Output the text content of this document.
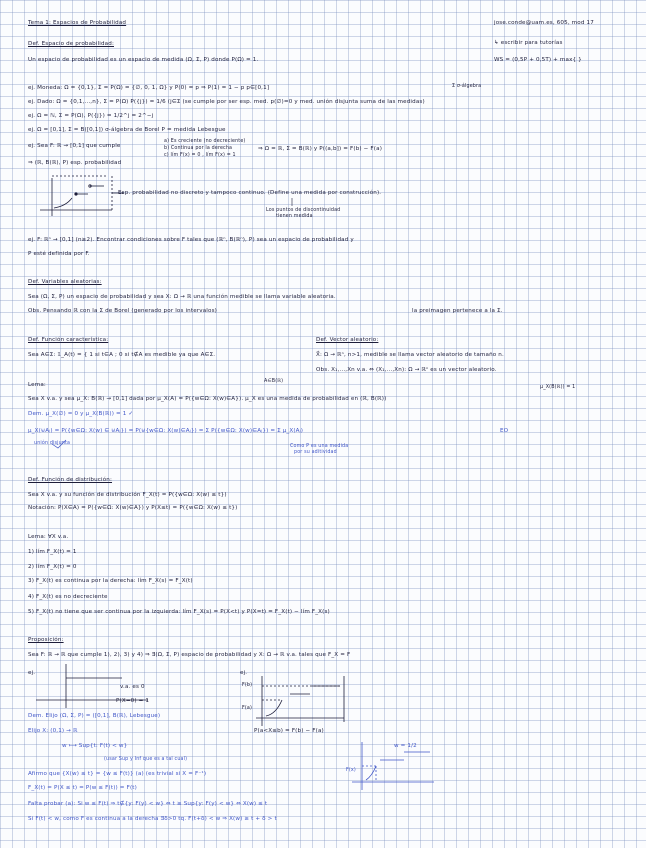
Tema 1: Espacios de Probabilidad	jose.conde@uam.es, 605, mod 17
↳ escribir para tutorías
WS = (0,5P + 0,5T) + max{ }
Def. Espacio de probabilidad:
Un espacio de probabilidad es un espacio de medida (Ω, Σ, P) donde P(Ω) = 1.
ej. Moneda: Ω = {0,1}, Σ = P(Ω) = {∅, 0, 1, Ω} y P(0) = p ⇒ P(1) = 1 − p p∈[0,1]	Σ σ-álgebra
ej. Dado: Ω = {0,1,...,n}, Σ = P(Ω) P({j}) = 1/6 (j∈Σ (se cumple por ser esp. med. p(∅)=0 y med. unión disjunta suma de las medidas)
ej. Ω = ℕ, Σ = P(Ω), P({j}) = 1/2^j = 2^−j
ej. Ω = [0,1], Σ = B([0,1]) σ-álgebra de Borel P = medida Lebesgue
ej. Sea F: ℝ → [0,1] que cumple
a) Es creciente (no decreciente)
b) Continua por la derecha
c) lím F(x) = 0 , lím F(x) = 1
⇒ Ω = ℝ, Σ = B(ℝ) y P((a,b]) = F(b) − F(a)
⇒ (ℝ, B(ℝ), P) esp. probabilidad
Esp. probabilidad no discreto y tampoco continuo. (Define una medida por construcción).
Los puntos de discontinuidad
tienen medida
ej. F: ℝⁿ → [0,1] (n≥2). Encontrar condiciones sobre F tales que (ℝⁿ, B(ℝⁿ), P) sea un espacio de probabilidad y
P esté definida por F.
Def. Variables aleatorias:
Sea (Ω, Σ, P) un espacio de probabilidad y sea X: Ω → ℝ una función medible se llama variable aleatoria.
Obs. Pensando ℝ con la Σ de Borel (generado por los intervalos)	la preimagen pertenece a la Σ.
Def. Función característica:
Sea A∈Σ: 𝟙_A(t) = { 1 si t∈A ; 0 si t∉A es medible ya que A∈Σ.
Def. Vector aleatorio:
X⃗: Ω → ℝⁿ, n>1, medible se llama vector aleatorio de tamaño n.
Obs. X₁,...,Xn v.a. ⇔ (X₁,...,Xn): Ω → ℝⁿ es un vector aleatorio.
Lema:
A∈B(ℝ)
μ_X(B(ℝ)) = 1
Sea X v.a. y sea μ_X: B(ℝ) → [0,1] dada por μ_X(A) = P({w∈Ω: X(w)∈A}). μ_X es una medida de probabilidad en (ℝ, B(ℝ))
Dem. μ_X(∅) = 0 y μ_X(B(ℝ)) = 1 ✓
μ_X(⊎Aⱼ) = P({w∈Ω: X(w) ∈ ⊎Aⱼ}) = P(⊎{w∈Ω: X(w)∈Aⱼ}) = Σ P({w∈Ω: X(w)∈Aⱼ}) = Σ μ_X(Aⱼ)	EO
unión disjunta
Como P es una medida
por su aditividad
Def. Función de distribución:
Sea X v.a. y su función de distribución F_X(t) = P({w∈Ω: X(w) ≤ t})
Notación: P(X∈A) = P({w∈Ω: X(w)∈A}) y P(X≤t) = P({w∈Ω: X(w) ≤ t})
Lema: ∀X v.a.
1) lím F_X(t) = 1
2) lím F_X(t) = 0
3) F_X(t) es continua por la derecha: lím F_X(s) = F_X(t)
4) F_X(t) es no decreciente
5) F_X(t) no tiene que ser continua por la izquierda: lím F_X(s) = P(X<t) y P(X=t) = F_X(t) − lím F_X(s)
Proposición:
Sea F: ℝ → ℝ que cumple 1), 2), 3) y 4) ⇒ ∃(Ω, Σ, P) espacio de probabilidad y X: Ω → ℝ v.a. tales que F_X = F
ej.	ej.
v.a. es 0
P(X=0) = 1
F(b)
F(a)
P(a<X≤b) = F(b) − F(a)
Dem. Elijo (Ω, Σ, P) = ([0,1], B(ℝ), Lebesgue)
Elijo X: (0,1) → ℝ
w ⟼ Sup{t: F(t) < w}
(usar Sup y Inf que es a tal cual)
w = 1/2
F(x)
Afirmo que {X(w) ≤ t} = {w ≤ F(t)} (a) (es trivial si X = F⁻¹)
F_X(t) = P(X ≤ t) = P(w ≤ F(t)) = F(t)
Falta probar (a): Si w ≤ F(t) ⇒ t∉{y: F(y) < w} ⇔ t ≥ Sup{y: F(y) < w} ⇔ X(w) ≤ t
Si F(t) < w, como F es continua a la derecha ∃δ>0 tq. F(t+δ) < w ⇒ X(w) ≥ t + δ > t
